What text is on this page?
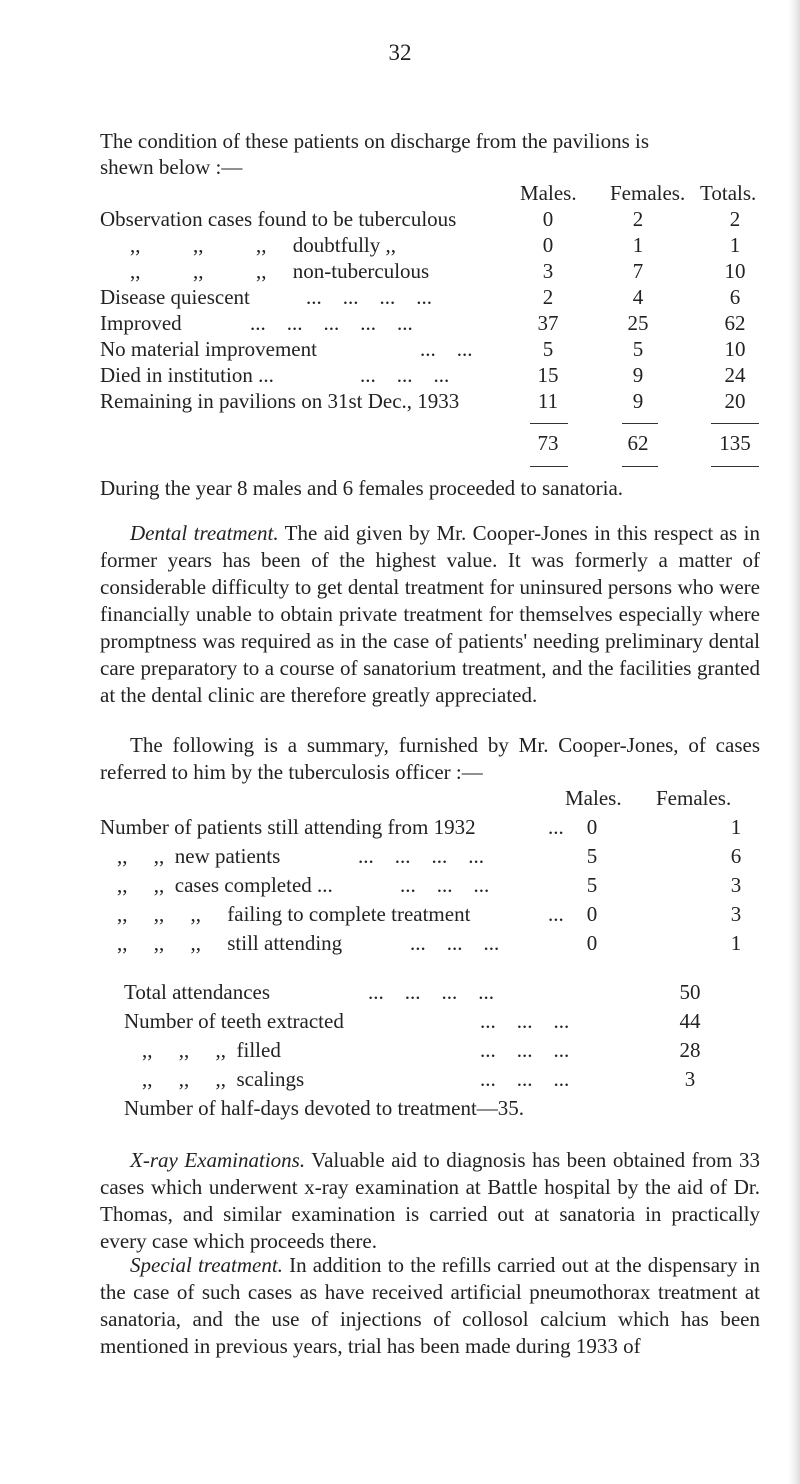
32
The condition of these patients on discharge from the pavilions is
shewn below :—
Males. Females. Totals.
Observation cases found to be tuberculous	0	2	2
,,          ,,          ,,     doubtfully ,,	0	1	1
,,          ,,          ,,     non-tuberculous	3	7	10
Disease quiescent	...    ...    ...    ...	2	4	6
Improved	...    ...    ...    ...    ...	37	25	62
No material improvement	...    ...	5	5	10
Died in institution ...	...    ...    ...	15	9	24
Remaining in pavilions on 31st Dec., 1933	11	9	20
73	62	135
During the year 8 males and 6 females proceeded to sanatoria.

Dental treatment. The aid given by Mr. Cooper-Jones in this respect as in former years has been of the highest value. It was formerly a matter of considerable difficulty to get dental treatment for uninsured persons who were financially unable to obtain private treatment for themselves especially where promptness was required as in the case of patients' needing preliminary dental care preparatory to a course of sanatorium treatment, and the facilities granted at the dental clinic are therefore greatly appreciated.

The following is a summary, furnished by Mr. Cooper-Jones, of cases referred to him by the tuberculosis officer :—

Males. Females.
Number of patients still attending from 1932	...	0	1
,,     ,,  new patients	...    ...    ...    ...	5	6
,,     ,,  cases completed ...	...    ...    ...	5	3
,,     ,,     ,,     failing to complete treatment	...	0	3
,,     ,,     ,,     still attending	...    ...    ...	0	1
Total attendances	...    ...    ...    ...	50
Number of teeth extracted	...    ...    ...	44
,,     ,,     ,,  filled	...    ...    ...	28
,,     ,,     ,,  scalings	...    ...    ...	3
Number of half-days devoted to treatment—35.

X-ray Examinations. Valuable aid to diagnosis has been obtained from 33 cases which underwent x-ray examination at Battle hospital by the aid of Dr. Thomas, and similar examination is carried out at sanatoria in practically every case which proceeds there.

Special treatment. In addition to the refills carried out at the dispensary in the case of such cases as have received artificial pneumothorax treatment at sanatoria, and the use of injections of collosol calcium which has been mentioned in previous years, trial has been made during 1933 of
